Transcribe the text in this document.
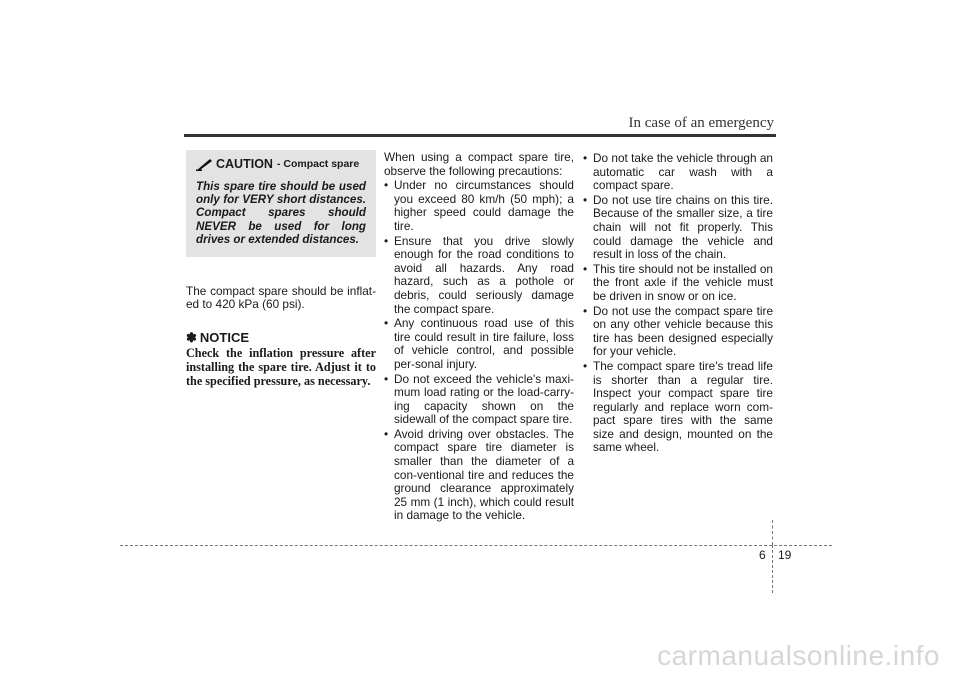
In case of an emergency
CAUTION - Compact spare
This spare tire should be used only for VERY short distances. Compact spares should NEVER be used for long drives or extended distances.
The compact spare should be inflat-ed to 420 kPa (60 psi).
✽ NOTICE
Check the inflation pressure after installing the spare tire. Adjust it to the specified pressure, as necessary.

When using a compact spare tire, observe the following precautions:

• Under no circumstances should you exceed 80 km/h (50 mph); a higher speed could damage the tire.
• Ensure that you drive slowly enough for the road conditions to avoid all hazards. Any road hazard, such as a pothole or debris, could seriously damage the compact spare.
• Any continuous road use of this tire could result in tire failure, loss of vehicle control, and possible per-sonal injury.
• Do not exceed the vehicle's maxi-mum load rating or the load-carry-ing capacity shown on the sidewall of the compact spare tire.
• Avoid driving over obstacles. The compact spare tire diameter is smaller than the diameter of a con-ventional tire and reduces the ground clearance approximately 25 mm (1 inch), which could result in damage to the vehicle.
• Do not take the vehicle through an automatic car wash with a compact spare.
• Do not use tire chains on this tire. Because of the smaller size, a tire chain will not fit properly. This could damage the vehicle and result in loss of the chain.
• This tire should not be installed on the front axle if the vehicle must be driven in snow or on ice.
• Do not use the compact spare tire on any other vehicle because this tire has been designed especially for your vehicle.
• The compact spare tire's tread life is shorter than a regular tire. Inspect your compact spare tire regularly and replace worn com-pact spare tires with the same size and design, mounted on the same wheel.
6 19
carmanualsonline.info
